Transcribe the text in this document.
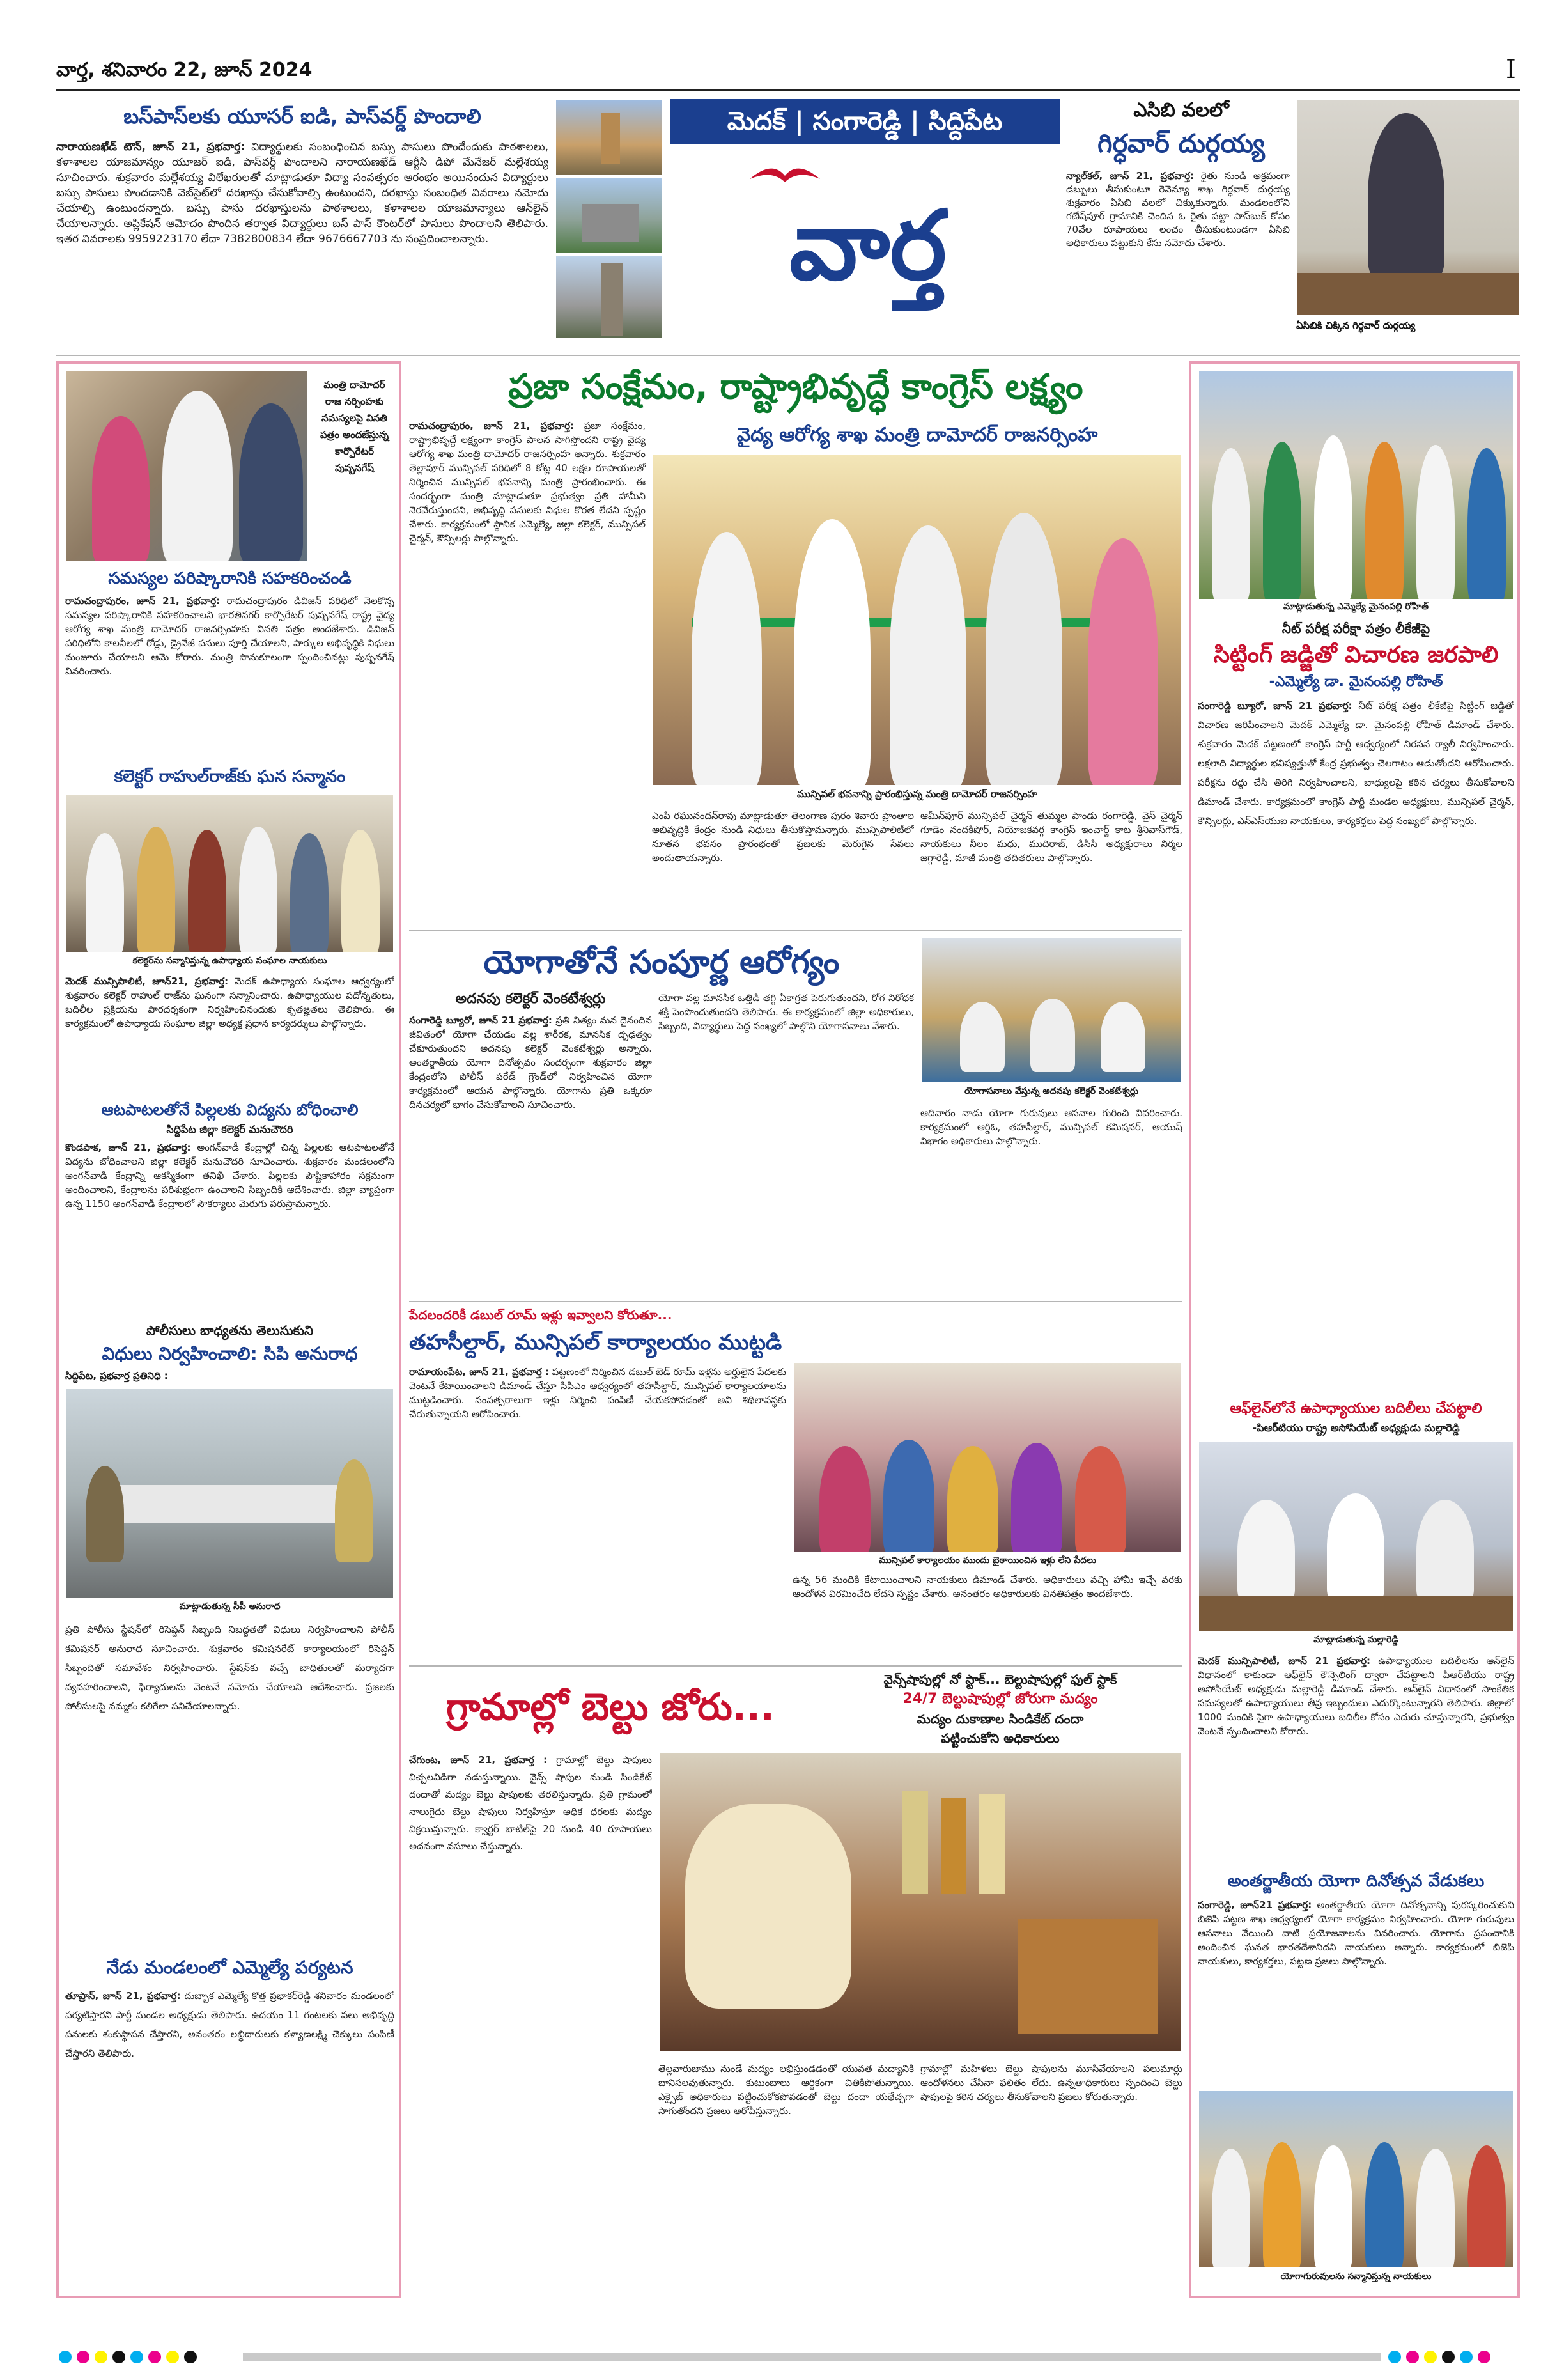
వార్త, శనివారం 22, జూన్ 2024	I
బస్‌పాస్‌లకు యూసర్ ఐడి, పాస్‌వర్డ్ పొందాలి
నారాయణఖేడ్ టౌన్, జూన్ 21, ప్రభవార్త: విద్యార్థులకు సంబంధించిన బస్సు పాసులు పొందేందుకు పాఠశాలలు, కళాశాలల యాజమాన్యం యూజర్ ఐడి, పాస్‌వర్డ్ పొందాలని నారాయణఖేడ్ ఆర్టీసి డిపో మేనేజర్ మల్లేశయ్య సూచించారు. శుక్రవారం మల్లేశయ్య విలేఖరులతో మాట్లాడుతూ విద్యా సంవత్సరం ఆరంభం అయినందున విద్యార్థులు బస్సు పాసులు పొందడానికి వెబ్‌సైట్‌లో దరఖాస్తు చేసుకోవాల్సి ఉంటుందని, దరఖాస్తు సంబంధిత వివరాలు నమోదు చేయాల్సి ఉంటుందన్నారు. బస్సు పాసు దరఖాస్తులను పాఠశాలలు, కళాశాలల యాజమాన్యాలు ఆన్‌లైన్ చేయాలన్నారు. అప్లికేషన్ ఆమోదం పొందిన తర్వాత విద్యార్థులు బస్ పాస్ కౌంటర్‌లో పాసులు పొందాలని తెలిపారు. ఇతర వివరాలకు 9959223170 లేదా 7382800834 లేదా 9676667703 ను సంప్రదించాలన్నారు.
మెదక్ | సంగారెడ్డి | సిద్దిపేట
వార్త
ఎసిబి వలలో
గిర్ధవార్ దుర్గయ్య
న్యాల్‌కల్, జూన్ 21, ప్రభవార్త: రైతు నుండి అక్రమంగా డబ్బులు తీసుకుంటూ రెవెన్యూ శాఖ గిర్ధవార్ దుర్గయ్య శుక్రవారం ఏసిబి వలలో చిక్కుకున్నారు. మండలంలోని గణేష్‌పూర్ గ్రామానికి చెందిన ఓ రైతు పట్టా పాస్‌బుక్ కోసం 70వేల రూపాయలు లంచం తీసుకుంటుండగా ఏసిబి అధికారులు పట్టుకుని కేసు నమోదు చేశారు.
ఏసిబికి చిక్కిన గిర్ధవార్ దుర్గయ్య
మంత్రి దామోదర్ రాజ నర్సింహకు సమస్యలపై వినతి పత్రం అందజేస్తున్న కార్పొరేటర్ పుష్పనగేష్
సమస్యల పరిష్కారానికి సహకరించండి
రామచంద్రాపురం, జూన్ 21, ప్రభవార్త: రామచంద్రాపురం డివిజన్ పరిధిలో నెలకొన్న సమస్యల పరిష్కారానికి సహకరించాలని భారతినగర్ కార్పొరేటర్ పుష్పనగేష్ రాష్ట్ర వైద్య ఆరోగ్య శాఖ మంత్రి దామోదర్ రాజనర్సింహకు వినతి పత్రం అందజేశారు. డివిజన్ పరిధిలోని కాలనీలలో రోడ్లు, డ్రైనేజీ పనులు పూర్తి చేయాలని, పార్కుల అభివృద్ధికి నిధులు మంజూరు చేయాలని ఆమె కోరారు. మంత్రి సానుకూలంగా స్పందించినట్లు పుష్పనగేష్ వివరించారు.
కలెక్టర్ రాహుల్‌రాజ్‌కు ఘన సన్మానం
కలెక్టర్‌ను సన్మానిస్తున్న ఉపాధ్యాయ సంఘాల నాయకులు
మెదక్ మున్సిపాలిటీ, జూన్21, ప్రభవార్త: మెదక్ ఉపాధ్యాయ సంఘాల ఆధ్వర్యంలో శుక్రవారం కలెక్టర్ రాహుల్ రాజ్‌ను ఘనంగా సన్మానించారు. ఉపాధ్యాయుల పదోన్నతులు, బదిలీల ప్రక్రియను పారదర్శకంగా నిర్వహించినందుకు కృతజ్ఞతలు తెలిపారు. ఈ కార్యక్రమంలో ఉపాధ్యాయ సంఘాల జిల్లా అధ్యక్ష ప్రధాన కార్యదర్శులు పాల్గొన్నారు.
ఆటపాటలతోనే పిల్లలకు విద్యను బోధించాలి
సిద్దిపేట జిల్లా కలెక్టర్ మనుచౌదరి
కొండపాక, జూన్ 21, ప్రభవార్త: అంగన్‌వాడీ కేంద్రాల్లో చిన్న పిల్లలకు ఆటపాటలతోనే విద్యను బోధించాలని జిల్లా కలెక్టర్ మనుచౌదరి సూచించారు. శుక్రవారం మండలంలోని అంగన్‌వాడీ కేంద్రాన్ని ఆకస్మికంగా తనిఖీ చేశారు. పిల్లలకు పౌష్టికాహారం సక్రమంగా అందించాలని, కేంద్రాలను పరిశుభ్రంగా ఉంచాలని సిబ్బందికి ఆదేశించారు. జిల్లా వ్యాప్తంగా ఉన్న 1150 అంగన్‌వాడీ కేంద్రాలలో సౌకర్యాలు మెరుగు పరుస్తామన్నారు.
పోలీసులు బాధ్యతను తెలుసుకుని
విధులు నిర్వహించాలి: సిపి అనురాధ
సిద్దిపేట, ప్రభవార్త ప్రతినిధి :
మాట్లాడుతున్న సీపీ అనురాధ
ప్రతి పోలీసు స్టేషన్‌లో రిసెప్షన్ సిబ్బంది నిబద్ధతతో విధులు నిర్వహించాలని పోలీస్ కమిషనర్ అనురాధ సూచించారు. శుక్రవారం కమిషనరేట్ కార్యాలయంలో రిసెప్షన్ సిబ్బందితో సమావేశం నిర్వహించారు. స్టేషన్‌కు వచ్చే బాధితులతో మర్యాదగా వ్యవహరించాలని, ఫిర్యాదులను వెంటనే నమోదు చేయాలని ఆదేశించారు. ప్రజలకు పోలీసులపై నమ్మకం కలిగేలా పనిచేయాలన్నారు.
నేడు మండలంలో ఎమ్మెల్యే పర్యటన
తూప్రాన్, జూన్ 21, ప్రభవార్త: దుబ్బాక ఎమ్మెల్యే కొత్త ప్రభాకర్‌రెడ్డి శనివారం మండలంలో పర్యటిస్తారని పార్టీ మండల అధ్యక్షుడు తెలిపారు. ఉదయం 11 గంటలకు పలు అభివృద్ధి పనులకు శంకుస్థాపన చేస్తారని, అనంతరం లబ్ధిదారులకు కళ్యాణలక్ష్మి చెక్కులు పంపిణీ చేస్తారని తెలిపారు.
ప్రజా సంక్షేమం, రాష్ట్రాభివృద్ధే కాంగ్రెస్ లక్ష్యం
రామచంద్రాపురం, జూన్ 21, ప్రభవార్త: ప్రజా సంక్షేమం, రాష్ట్రాభివృద్ధే లక్ష్యంగా కాంగ్రెస్ పాలన సాగిస్తోందని రాష్ట్ర వైద్య ఆరోగ్య శాఖ మంత్రి దామోదర్ రాజనర్సింహ అన్నారు. శుక్రవారం తెల్లాపూర్ మున్సిపల్ పరిధిలో 8 కోట్ల 40 లక్షల రూపాయలతో నిర్మించిన మున్సిపల్ భవనాన్ని మంత్రి ప్రారంభించారు. ఈ సందర్భంగా మంత్రి మాట్లాడుతూ ప్రభుత్వం ప్రతి హామీని నెరవేరుస్తుందని, అభివృద్ధి పనులకు నిధుల కొరత లేదని స్పష్టం చేశారు. కార్యక్రమంలో స్థానిక ఎమ్మెల్యే, జిల్లా కలెక్టర్, మున్సిపల్ చైర్మన్, కౌన్సిలర్లు పాల్గొన్నారు.
వైద్య ఆరోగ్య శాఖ మంత్రి దామోదర్ రాజనర్సింహ
మున్సిపల్ భవనాన్ని ప్రారంభిస్తున్న మంత్రి దామోదర్ రాజనర్సింహ
ఎంపి రఘునందన్‌రావు మాట్లాడుతూ తెలంగాణ పురం శివారు ప్రాంతాల అభివృద్ధికి కేంద్రం నుండి నిధులు తీసుకొస్తామన్నారు. మున్సిపాలిటీలో నూతన భవనం ప్రారంభంతో ప్రజలకు మెరుగైన సేవలు అందుతాయన్నారు.
ఆమీన్‌పూర్ మున్సిపల్ చైర్మన్ తుమ్మల పాండు రంగారెడ్డి, వైస్ చైర్మన్ గూడెం నందకిషోర్, నియోజకవర్గ కాంగ్రెస్ ఇంచార్జ్ కాట శ్రీనివాస్‌గౌడ్, నాయకులు నీలం మధు, ముదిరాజ్, డిసిసి అధ్యక్షురాలు నిర్మల జగ్గారెడ్డి, మాజీ మంత్రి తదితరులు పాల్గొన్నారు.
యోగాతోనే సంపూర్ణ ఆరోగ్యం
అదనపు కలెక్టర్ వెంకటేశ్వర్లు
సంగారెడ్డి బ్యూరో, జూన్ 21 ప్రభవార్త: ప్రతి నిత్యం మన దైనందిన జీవితంలో యోగా చేయడం వల్ల శారీరక, మానసిక దృఢత్వం చేకూరుతుందని అదనపు కలెక్టర్ వెంకటేశ్వర్లు అన్నారు. అంతర్జాతీయ యోగా దినోత్సవం సందర్భంగా శుక్రవారం జిల్లా కేంద్రంలోని పోలీస్ పరేడ్ గ్రౌండ్‌లో నిర్వహించిన యోగా కార్యక్రమంలో ఆయన పాల్గొన్నారు. యోగాను ప్రతి ఒక్కరూ దినచర్యలో భాగం చేసుకోవాలని సూచించారు.
యోగా వల్ల మానసిక ఒత్తిడి తగ్గి ఏకాగ్రత పెరుగుతుందని, రోగ నిరోధక శక్తి పెంపొందుతుందని తెలిపారు. ఈ కార్యక్రమంలో జిల్లా అధికారులు, సిబ్బంది, విద్యార్థులు పెద్ద సంఖ్యలో పాల్గొని యోగాసనాలు వేశారు.
యోగాసనాలు వేస్తున్న అదనపు కలెక్టర్ వెంకటేశ్వర్లు
ఆదివారం నాడు యోగా గురువులు ఆసనాల గురించి వివరించారు. కార్యక్రమంలో ఆర్డిఓ, తహసీల్దార్, మున్సిపల్ కమిషనర్, ఆయుష్ విభాగం అధికారులు పాల్గొన్నారు.
పేదలందరికీ డబుల్ రూమ్ ఇళ్లు ఇవ్వాలని కోరుతూ...
తహసీల్దార్, మున్సిపల్ కార్యాలయం ముట్టడి
రామాయంపేట, జూన్ 21, ప్రభవార్త : పట్టణంలో నిర్మించిన డబుల్ బెడ్ రూమ్ ఇళ్లను అర్హులైన పేదలకు వెంటనే కేటాయించాలని డిమాండ్ చేస్తూ సిపిఎం ఆధ్వర్యంలో తహసీల్దార్, మున్సిపల్ కార్యాలయాలను ముట్టడించారు. సంవత్సరాలుగా ఇళ్లు నిర్మించి పంపిణీ చేయకపోవడంతో అవి శిథిలావస్థకు చేరుతున్నాయని ఆరోపించారు.
మున్సిపల్ కార్యాలయం ముందు బైఠాయించిన ఇళ్లు లేని పేదలు
ఉన్న 56 మందికి కేటాయించాలని నాయకులు డిమాండ్ చేశారు. అధికారులు వచ్చి హామీ ఇచ్చే వరకు ఆందోళన విరమించేది లేదని స్పష్టం చేశారు. అనంతరం అధికారులకు వినతిపత్రం అందజేశారు.
వైన్స్‌షాపుల్లో నో స్టాక్... బెల్టుషాపుల్లో ఫుల్ స్టాక్
24/7 బెల్టుషాపుల్లో జోరుగా మద్యం
మద్యం దుకాణాల సిండికేట్ దందా
పట్టించుకోని అధికారులు
గ్రామాల్లో బెల్టు జోరు...
చేగుంట, జూన్ 21, ప్రభవార్త : గ్రామాల్లో బెల్టు షాపులు విచ్చలవిడిగా నడుస్తున్నాయి. వైన్స్ షాపుల నుండి సిండికేట్ దందాతో మద్యం బెల్టు షాపులకు తరలిస్తున్నారు. ప్రతి గ్రామంలో నాలుగైదు బెల్టు షాపులు నిర్వహిస్తూ అధిక ధరలకు మద్యం విక్రయిస్తున్నారు. క్వార్టర్ బాటిల్‌పై 20 నుండి 40 రూపాయలు అదనంగా వసూలు చేస్తున్నారు.
తెల్లవారుజాము నుండే మద్యం లభిస్తుండడంతో యువత మద్యానికి బానిసలవుతున్నారు. కుటుంబాలు ఆర్థికంగా చితికిపోతున్నాయి. ఎక్సైజ్ అధికారులు పట్టించుకోకపోవడంతో బెల్టు దందా యథేచ్ఛగా సాగుతోందని ప్రజలు ఆరోపిస్తున్నారు.
గ్రామాల్లో మహిళలు బెల్టు షాపులను మూసివేయాలని పలుమార్లు ఆందోళనలు చేసినా ఫలితం లేదు. ఉన్నతాధికారులు స్పందించి బెల్టు షాపులపై కఠిన చర్యలు తీసుకోవాలని ప్రజలు కోరుతున్నారు.
మాట్లాడుతున్న ఎమ్మెల్యే మైనంపల్లి రోహిత్
నీట్ పరీక్ష పరీక్షా పత్రం లీకేజీపై
సిట్టింగ్ జడ్జితో విచారణ జరపాలి
-ఎమ్మెల్యే డా. మైనంపల్లి రోహిత్
సంగారెడ్డి బ్యూరో, జూన్ 21 ప్రభవార్త: నీట్ పరీక్ష పత్రం లీకేజీపై సిట్టింగ్ జడ్జితో విచారణ జరిపించాలని మెదక్ ఎమ్మెల్యే డా. మైనంపల్లి రోహిత్ డిమాండ్ చేశారు. శుక్రవారం మెదక్ పట్టణంలో కాంగ్రెస్ పార్టీ ఆధ్వర్యంలో నిరసన ర్యాలీ నిర్వహించారు. లక్షలాది విద్యార్థుల భవిష్యత్తుతో కేంద్ర ప్రభుత్వం చెలగాటం ఆడుతోందని ఆరోపించారు. పరీక్షను రద్దు చేసి తిరిగి నిర్వహించాలని, బాధ్యులపై కఠిన చర్యలు తీసుకోవాలని డిమాండ్ చేశారు. కార్యక్రమంలో కాంగ్రెస్ పార్టీ మండల అధ్యక్షులు, మున్సిపల్ చైర్మన్, కౌన్సిలర్లు, ఎన్‌ఎస్‌యుఐ నాయకులు, కార్యకర్తలు పెద్ద సంఖ్యలో పాల్గొన్నారు.
ఆఫ్‌లైన్‌లోనే ఉపాధ్యాయుల బదిలీలు చేపట్టాలి
-పిఆర్‌టియు రాష్ట్ర అసోసియేట్ అధ్యక్షుడు మల్లారెడ్డి
మాట్లాడుతున్న మల్లారెడ్డి
మెదక్ మున్సిపాలిటీ, జూన్ 21 ప్రభవార్త: ఉపాధ్యాయుల బదిలీలను ఆన్‌లైన్ విధానంలో కాకుండా ఆఫ్‌లైన్ కౌన్సెలింగ్ ద్వారా చేపట్టాలని పిఆర్‌టియు రాష్ట్ర అసోసియేట్ అధ్యక్షుడు మల్లారెడ్డి డిమాండ్ చేశారు. ఆన్‌లైన్ విధానంలో సాంకేతిక సమస్యలతో ఉపాధ్యాయులు తీవ్ర ఇబ్బందులు ఎదుర్కొంటున్నారని తెలిపారు. జిల్లాలో 1000 మందికి పైగా ఉపాధ్యాయులు బదిలీల కోసం ఎదురు చూస్తున్నారని, ప్రభుత్వం వెంటనే స్పందించాలని కోరారు.
అంతర్జాతీయ యోగా దినోత్సవ వేడుకలు
సంగారెడ్డి, జూన్21 ప్రభవార్త: అంతర్జాతీయ యోగా దినోత్సవాన్ని పురస్కరించుకుని బిజెపి పట్టణ శాఖ ఆధ్వర్యంలో యోగా కార్యక్రమం నిర్వహించారు. యోగా గురువులు ఆసనాలు వేయించి వాటి ప్రయోజనాలను వివరించారు. యోగాను ప్రపంచానికి అందించిన ఘనత భారతదేశానిదని నాయకులు అన్నారు. కార్యక్రమంలో బిజెపి నాయకులు, కార్యకర్తలు, పట్టణ ప్రజలు పాల్గొన్నారు.
యోగాగురువులను సన్మానిస్తున్న నాయకులు
